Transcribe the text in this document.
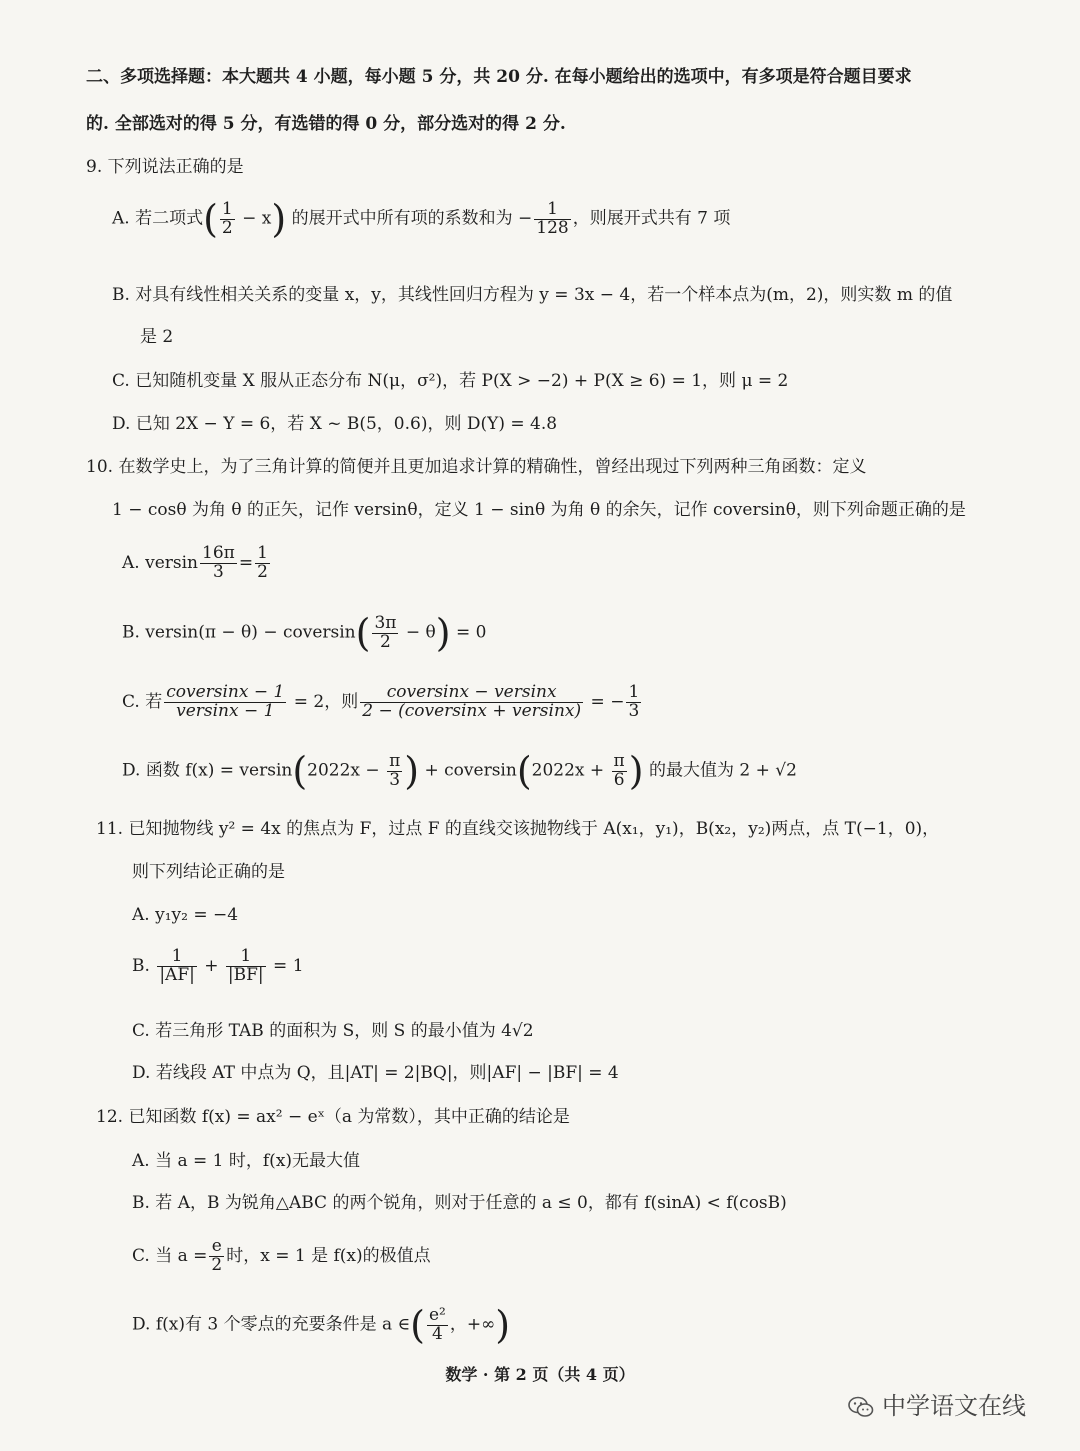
二、多项选择题：本大题共 4 小题，每小题 5 分，共 20 分. 在每小题给出的选项中，有多项是符合题目要求
的. 全部选对的得 5 分，有选错的得 0 分，部分选对的得 2 分.
9. 下列说法正确的是
A. 若二项式( $\frac{1}{2} - x$) 的展开式中所有项的系数和为 − $\frac{1}{128}$ ，则展开式共有 7 项
B. 对具有线性相关关系的变量 x，y，其线性回归方程为 y = 3x − 4，若一个样本点为(m，2)，则实数 m 的值
是 2
C. 已知随机变量 X 服从正态分布 N(μ，σ²)，若 P(X > −2) + P(X ≥ 6) = 1，则 μ = 2
D. 已知 2X − Y = 6，若 X ~ B(5，0.6)，则 D(Y) = 4.8
10. 在数学史上，为了三角计算的简便并且更加追求计算的精确性，曾经出现过下列两种三角函数：定义
1 − cosθ 为角 θ 的正矢，记作 versinθ，定义 1 − sinθ 为角 θ 的余矢，记作 coversinθ，则下列命题正确的是
A. versin $\frac{16\pi}{3} = \frac{1}{2}$
B. versin(π − θ) − coversin( $\frac{3\pi}{2} - \theta) = 0$
C. 若 $\frac{\text{coversinx − 1}}{\text{versinx − 1}} = 2$，则 $\frac{\text{coversinx − versinx}}{\text{2 − (coversinx + versinx)}}$ = − $\frac{1}{3}$
D. 函数 $f(x) = versin(2022x - \frac{\pi}{3}$ ) + coversin(2022x + $\frac{\pi}{6}$ ) 的最大值为 2 + √2
11. 已知抛物线 y² = 4x 的焦点为 F，过点 F 的直线交该抛物线于 A(x₁，y₁)，B(x₂，y₂)两点，点 T(−1，0)，
则下列结论正确的是
A. y₁y₂ = −4
B. $\frac{1}{|AF|} + \frac{1}{|BF|} = 1$
C. 若三角形 TAB 的面积为 S，则 S 的最小值为 4√2
D. 若线段 AT 中点为 Q，且|AT| = 2|BQ|，则|AF| − |BF| = 4
12. 已知函数 f(x) = ax² − eˣ（a 为常数），其中正确的结论是
A. 当 a = 1 时，f(x)无最大值
B. 若 A，B 为锐角△ABC 的两个锐角，则对于任意的 a ≤ 0，都有 f(sinA) < f(cosB)
C. 当 $a = \frac{e}{2}$ 时，x = 1 是 f(x)的极值点
D. f(x)有 3 个零点的充要条件是 a ∈( $\frac{\text{e²}}{4}$ ，+∞)
数学 · 第 2 页（共 4 页）
中学语文在线
